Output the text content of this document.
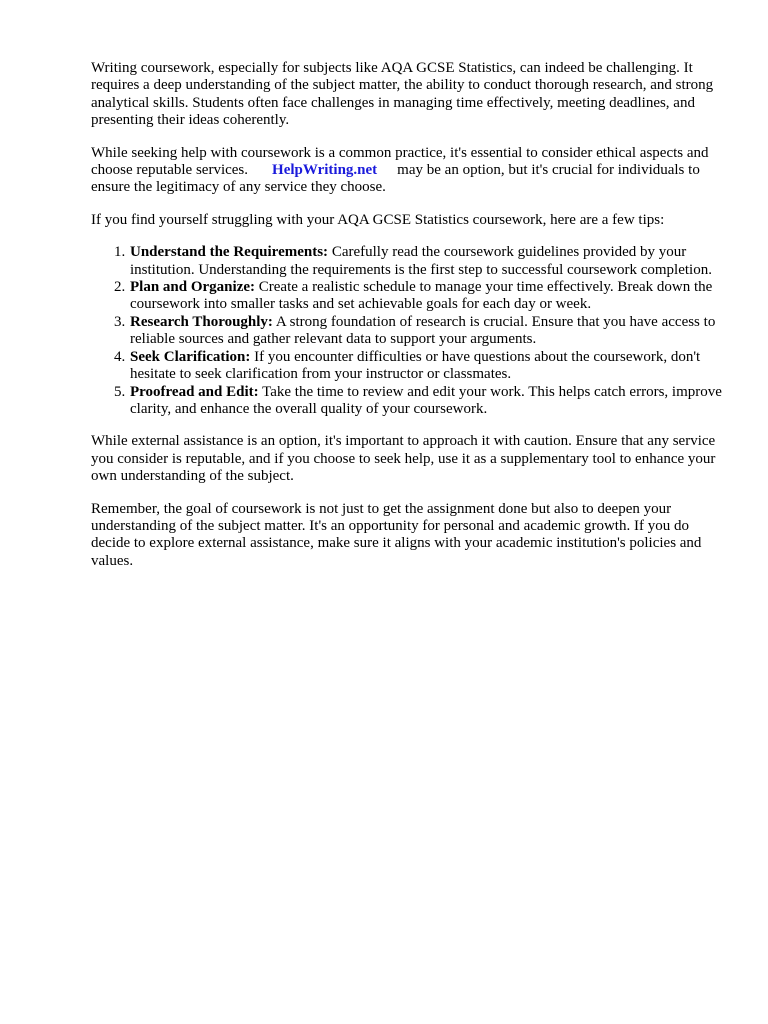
Writing coursework, especially for subjects like AQA GCSE Statistics, can indeed be challenging. It requires a deep understanding of the subject matter, the ability to conduct thorough research, and strong analytical skills. Students often face challenges in managing time effectively, meeting deadlines, and presenting their ideas coherently.

While seeking help with coursework is a common practice, it's essential to consider ethical aspects and choose reputable services. HelpWriting.net may be an option, but it's crucial for individuals to ensure the legitimacy of any service they choose.

If you find yourself struggling with your AQA GCSE Statistics coursework, here are a few tips:

1. Understand the Requirements: Carefully read the coursework guidelines provided by your institution. Understanding the requirements is the first step to successful coursework completion.
2. Plan and Organize: Create a realistic schedule to manage your time effectively. Break down the coursework into smaller tasks and set achievable goals for each day or week.
3. Research Thoroughly: A strong foundation of research is crucial. Ensure that you have access to reliable sources and gather relevant data to support your arguments.
4. Seek Clarification: If you encounter difficulties or have questions about the coursework, don't hesitate to seek clarification from your instructor or classmates.
5. Proofread and Edit: Take the time to review and edit your work. This helps catch errors, improve clarity, and enhance the overall quality of your coursework.

While external assistance is an option, it's important to approach it with caution. Ensure that any service you consider is reputable, and if you choose to seek help, use it as a supplementary tool to enhance your own understanding of the subject.

Remember, the goal of coursework is not just to get the assignment done but also to deepen your understanding of the subject matter. It's an opportunity for personal and academic growth. If you do decide to explore external assistance, make sure it aligns with your academic institution's policies and values.
